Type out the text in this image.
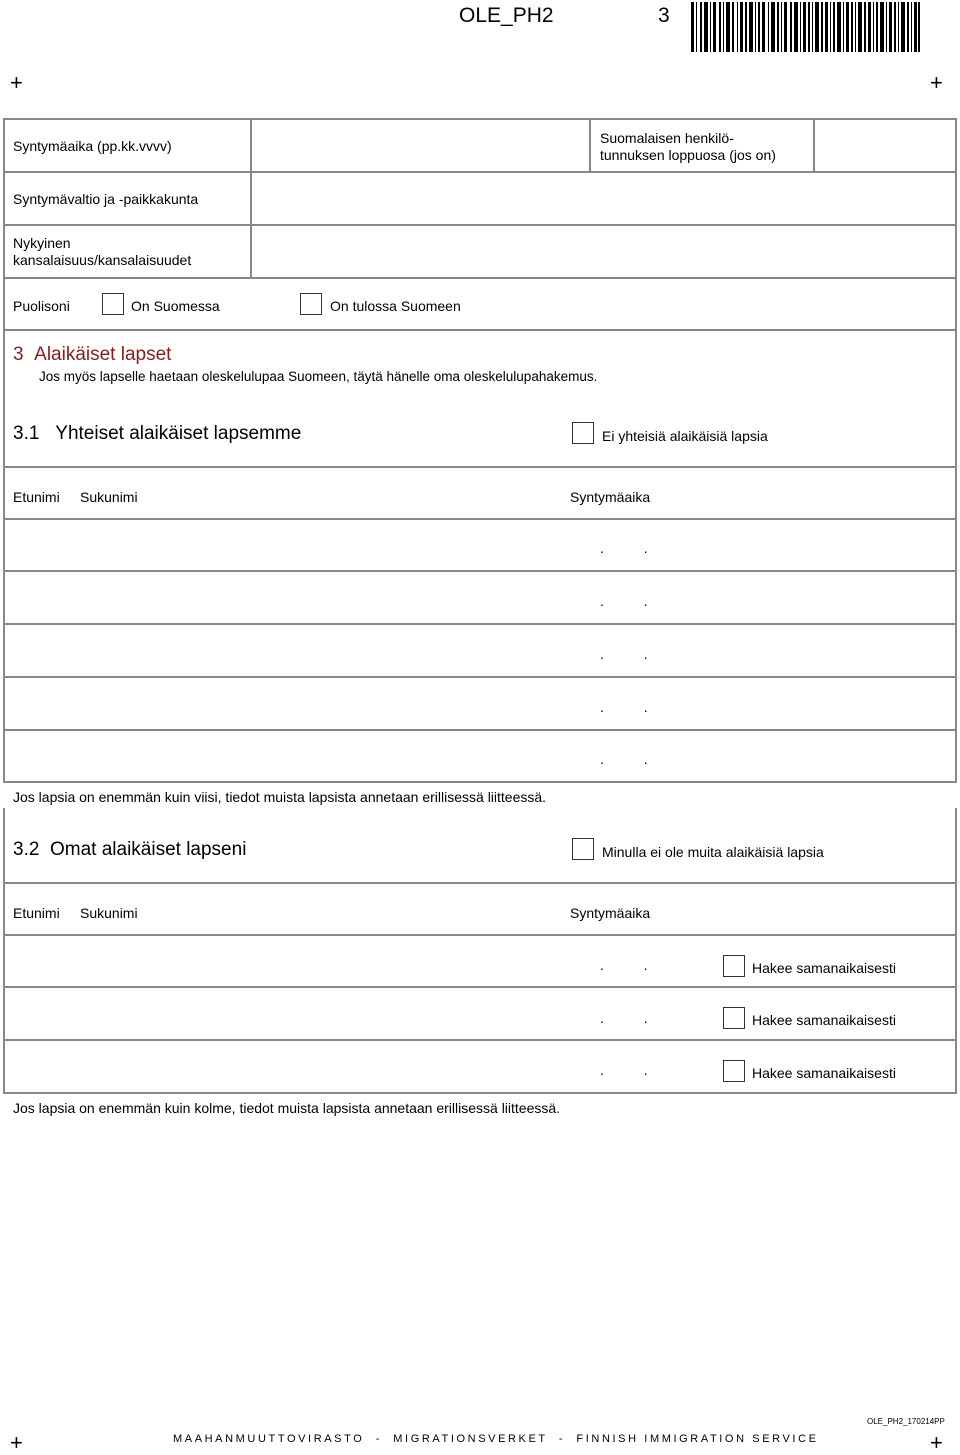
OLE_PH2	3
+	+
+	+
Syntymäaika (pp.kk.vvvv)	Suomalaisen henkilö-
tunnuksen loppuosa (jos on)
Syntymävaltio ja -paikkakunta
Nykyinen
kansalaisuus/kansalaisuudet
Puolisoni	On Suomessa	On tulossa Suomeen
3 Alaikäiset lapset
Jos myös lapselle haetaan oleskelulupaa Suomeen, täytä hänelle oma oleskelulupahakemus.
3.1 Yhteiset alaikäiset lapsemme	Ei yhteisiä alaikäisiä lapsia
Etunimi Sukunimi	Syntymäaika
. .
. .
. .
. .
. .
Jos lapsia on enemmän kuin viisi, tiedot muista lapsista annetaan erillisessä liitteessä.
3.2 Omat alaikäiset lapseni	Minulla ei ole muita alaikäisiä lapsia
Etunimi Sukunimi	Syntymäaika
. .	Hakee samanaikaisesti
. .	Hakee samanaikaisesti
. .	Hakee samanaikaisesti
Jos lapsia on enemmän kuin kolme, tiedot muista lapsista annetaan erillisessä liitteessä.
OLE_PH2_170214PP
MAAHANMUUTTOVIRASTO  -  MIGRATIONSVERKET  -  FINNISH IMMIGRATION SERVICE
